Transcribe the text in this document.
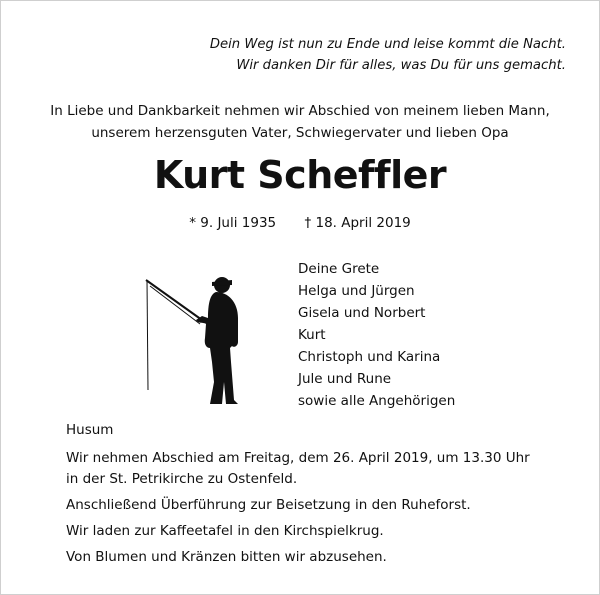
Dein Weg ist nun zu Ende und leise kommt die Nacht.
Wir danken Dir für alles, was Du für uns gemacht.
In Liebe und Dankbarkeit nehmen wir Abschied von meinem lieben Mann,
unserem herzensguten Vater, Schwiegervater und lieben Opa
Kurt Scheffler
* 9. Juli 1935 † 18. April 2019
Deine Grete
Helga und Jürgen
Gisela und Norbert
Kurt
Christoph und Karina
Jule und Rune
sowie alle Angehörigen
Husum

Wir nehmen Abschied am Freitag, dem 26. April 2019, um 13.30 Uhr in der St. Petrikirche zu Ostenfeld.

Anschließend Überführung zur Beisetzung in den Ruheforst.

Wir laden zur Kaffeetafel in den Kirchspielkrug.

Von Blumen und Kränzen bitten wir abzusehen.
